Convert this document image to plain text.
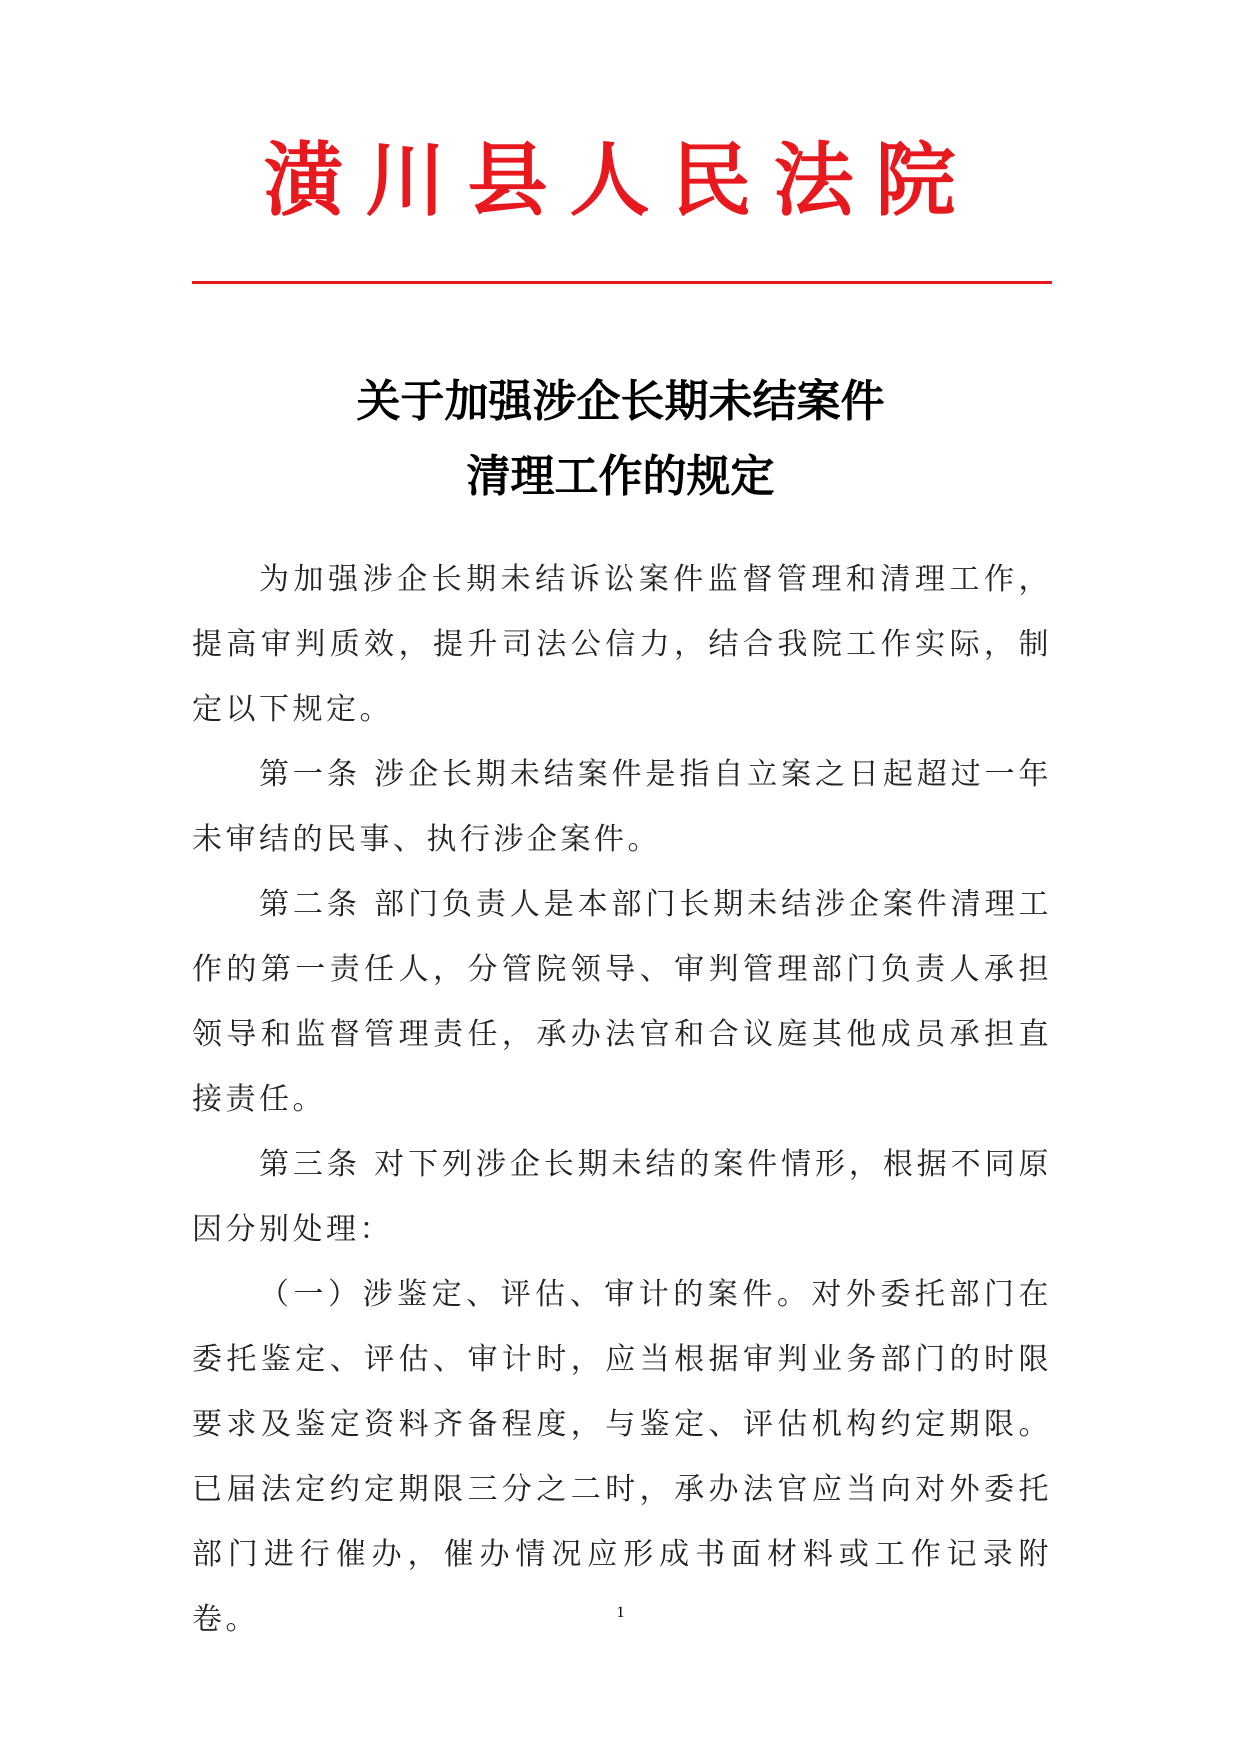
潢川县人民法院
关于加强涉企长期未结案件
清理工作的规定

为加强涉企长期未结诉讼案件监督管理和清理工作，提高审判质效，提升司法公信力，结合我院工作实际，制定以下规定。

第一条 涉企长期未结案件是指自立案之日起超过一年未审结的民事、执行涉企案件。

第二条 部门负责人是本部门长期未结涉企案件清理工作的第一责任人，分管院领导、审判管理部门负责人承担领导和监督管理责任，承办法官和合议庭其他成员承担直接责任。

第三条 对下列涉企长期未结的案件情形，根据不同原因分别处理：

（一）涉鉴定、评估、审计的案件。对外委托部门在委托鉴定、评估、审计时，应当根据审判业务部门的时限要求及鉴定资料齐备程度，与鉴定、评估机构约定期限。已届法定约定期限三分之二时，承办法官应当向对外委托部门进行催办，催办情况应形成书面材料或工作记录附卷。	1
